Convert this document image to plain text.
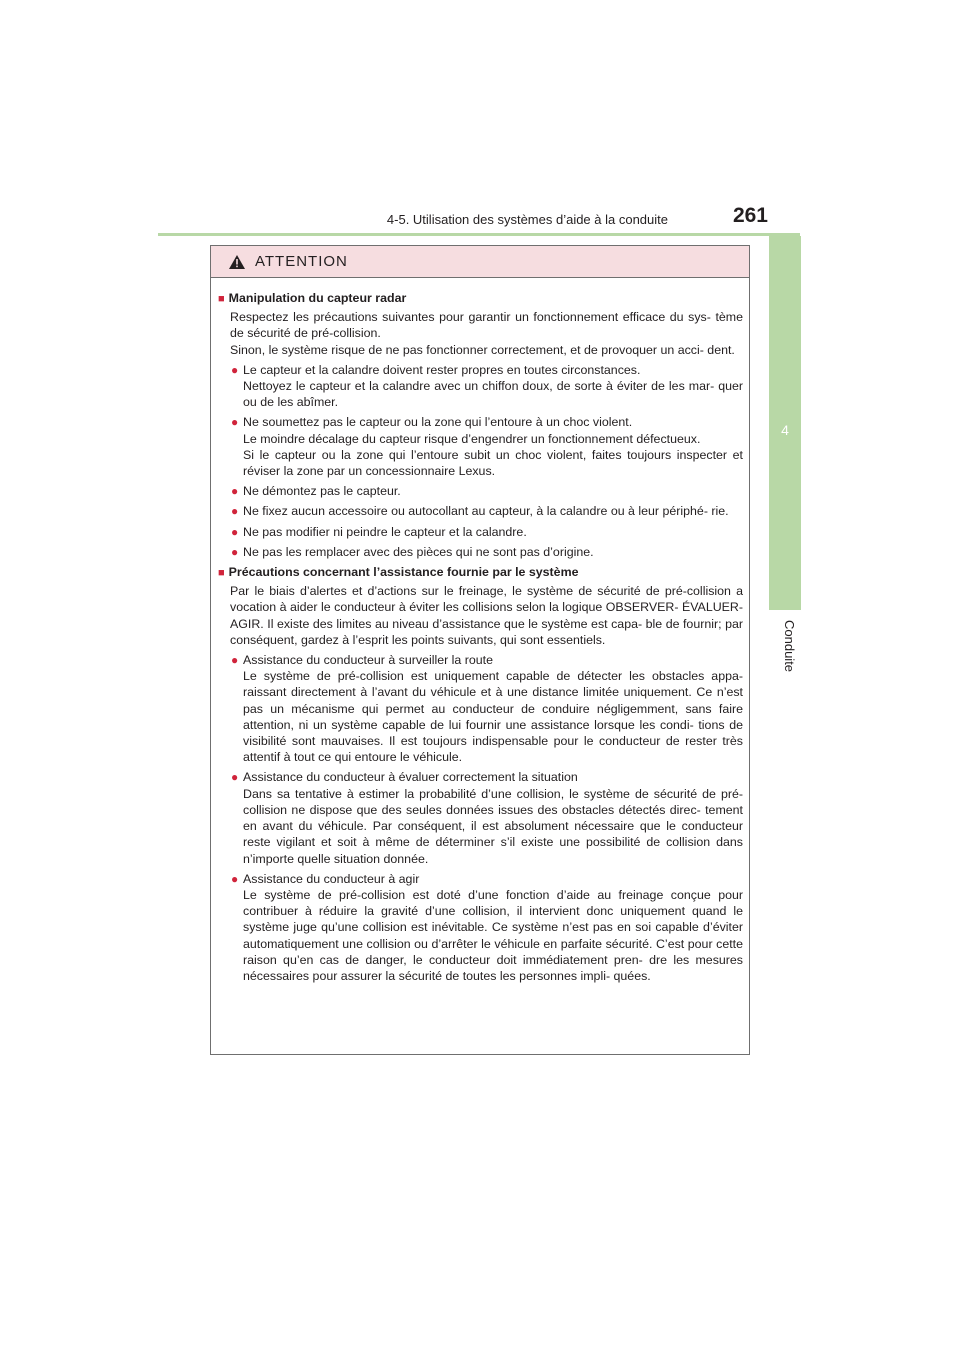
4-5. Utilisation des systèmes d’aide à la conduite	261
4
Conduite
ATTENTION
■ Manipulation du capteur radar
Respectez les précautions suivantes pour garantir un fonctionnement efficace du sys- tème de sécurité de pré-collision.
Sinon, le système risque de ne pas fonctionner correctement, et de provoquer un acci- dent.
● Le capteur et la calandre doivent rester propres en toutes circonstances.
Nettoyez le capteur et la calandre avec un chiffon doux, de sorte à éviter de les mar- quer ou de les abîmer.
● Ne soumettez pas le capteur ou la zone qui l’entoure à un choc violent.
Le moindre décalage du capteur risque d’engendrer un fonctionnement défectueux.
Si le capteur ou la zone qui l’entoure subit un choc violent, faites toujours inspecter et réviser la zone par un concessionnaire Lexus.
● Ne démontez pas le capteur.
● Ne fixez aucun accessoire ou autocollant au capteur, à la calandre ou à leur périphé- rie.
● Ne pas modifier ni peindre le capteur et la calandre.
● Ne pas les remplacer avec des pièces qui ne sont pas d’origine.
■ Précautions concernant l’assistance fournie par le système
Par le biais d’alertes et d’actions sur le freinage, le système de sécurité de pré-collision a vocation à aider le conducteur à éviter les collisions selon la logique OBSERVER- ÉVALUER-AGIR. Il existe des limites au niveau d’assistance que le système est capa- ble de fournir; par conséquent, gardez à l’esprit les points suivants, qui sont essentiels.
● Assistance du conducteur à surveiller la route
Le système de pré-collision est uniquement capable de détecter les obstacles appa- raissant directement à l’avant du véhicule et à une distance limitée uniquement. Ce n’est pas un mécanisme qui permet au conducteur de conduire négligemment, sans faire attention, ni un système capable de lui fournir une assistance lorsque les condi- tions de visibilité sont mauvaises. Il est toujours indispensable pour le conducteur de rester très attentif à tout ce qui entoure le véhicule.
● Assistance du conducteur à évaluer correctement la situation
Dans sa tentative à estimer la probabilité d’une collision, le système de sécurité de pré-collision ne dispose que des seules données issues des obstacles détectés direc- tement en avant du véhicule. Par conséquent, il est absolument nécessaire que le conducteur reste vigilant et soit à même de déterminer s’il existe une possibilité de collision dans n’importe quelle situation donnée.
● Assistance du conducteur à agir
Le système de pré-collision est doté d’une fonction d’aide au freinage conçue pour contribuer à réduire la gravité d’une collision, il intervient donc uniquement quand le système juge qu’une collision est inévitable. Ce système n’est pas en soi capable d’éviter automatiquement une collision ou d’arrêter le véhicule en parfaite sécurité. C’est pour cette raison qu’en cas de danger, le conducteur doit immédiatement pren- dre les mesures nécessaires pour assurer la sécurité de toutes les personnes impli- quées.
